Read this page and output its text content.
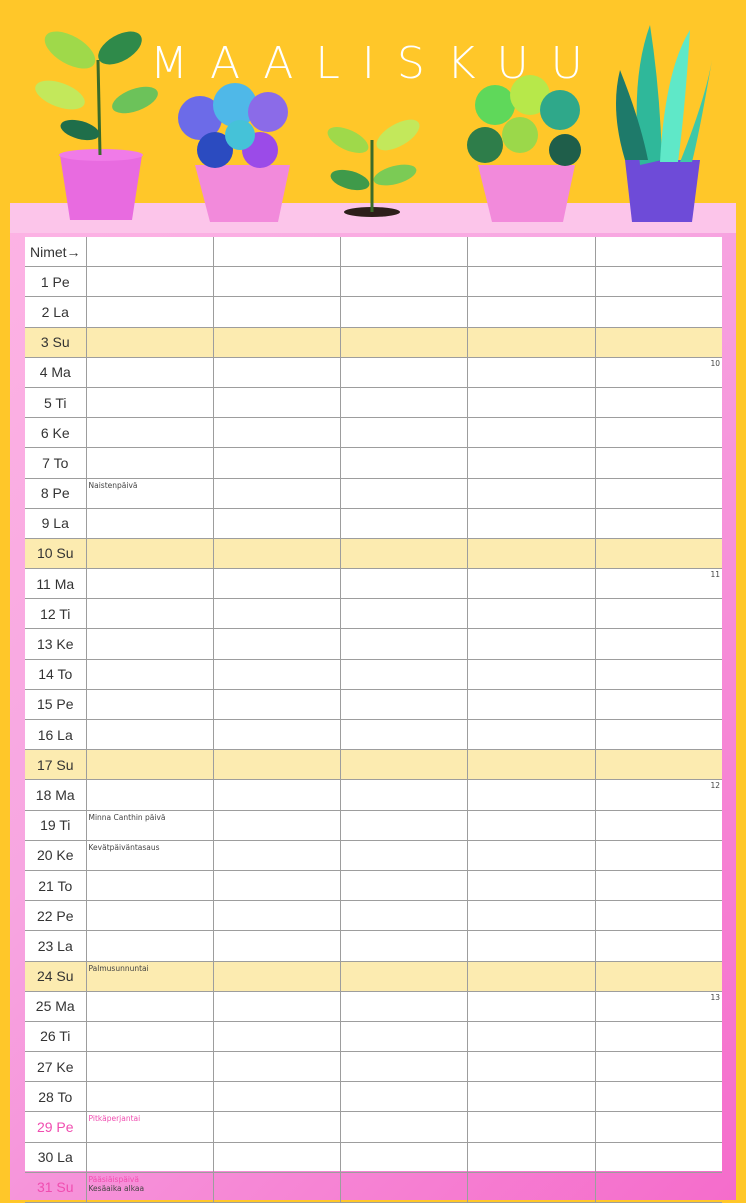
MAALISKUU
Nimet→					
1 Pe					
2 La					
3 Su					
4 Ma					10

5 Ti					
6 Ke					
7 To					
8 Pe	Naistenpäivä				

9 La					
10 Su					
11 Ma					11

12 Ti					
13 Ke					
14 To					
15 Pe					
16 La					
17 Su					
18 Ma					12

19 Ti	Minna Canthin päivä				

20 Ke	Kevätpäiväntasaus				

21 To					
22 Pe					
23 La					
24 Su	Palmusunnuntai				

25 Ma					13

26 Ti					
27 Ke					
28 To					
29 Pe	Pitkäperjantai				

30 La					
31 Su	Pääsiäispäivä
Kesäaika alkaa				
